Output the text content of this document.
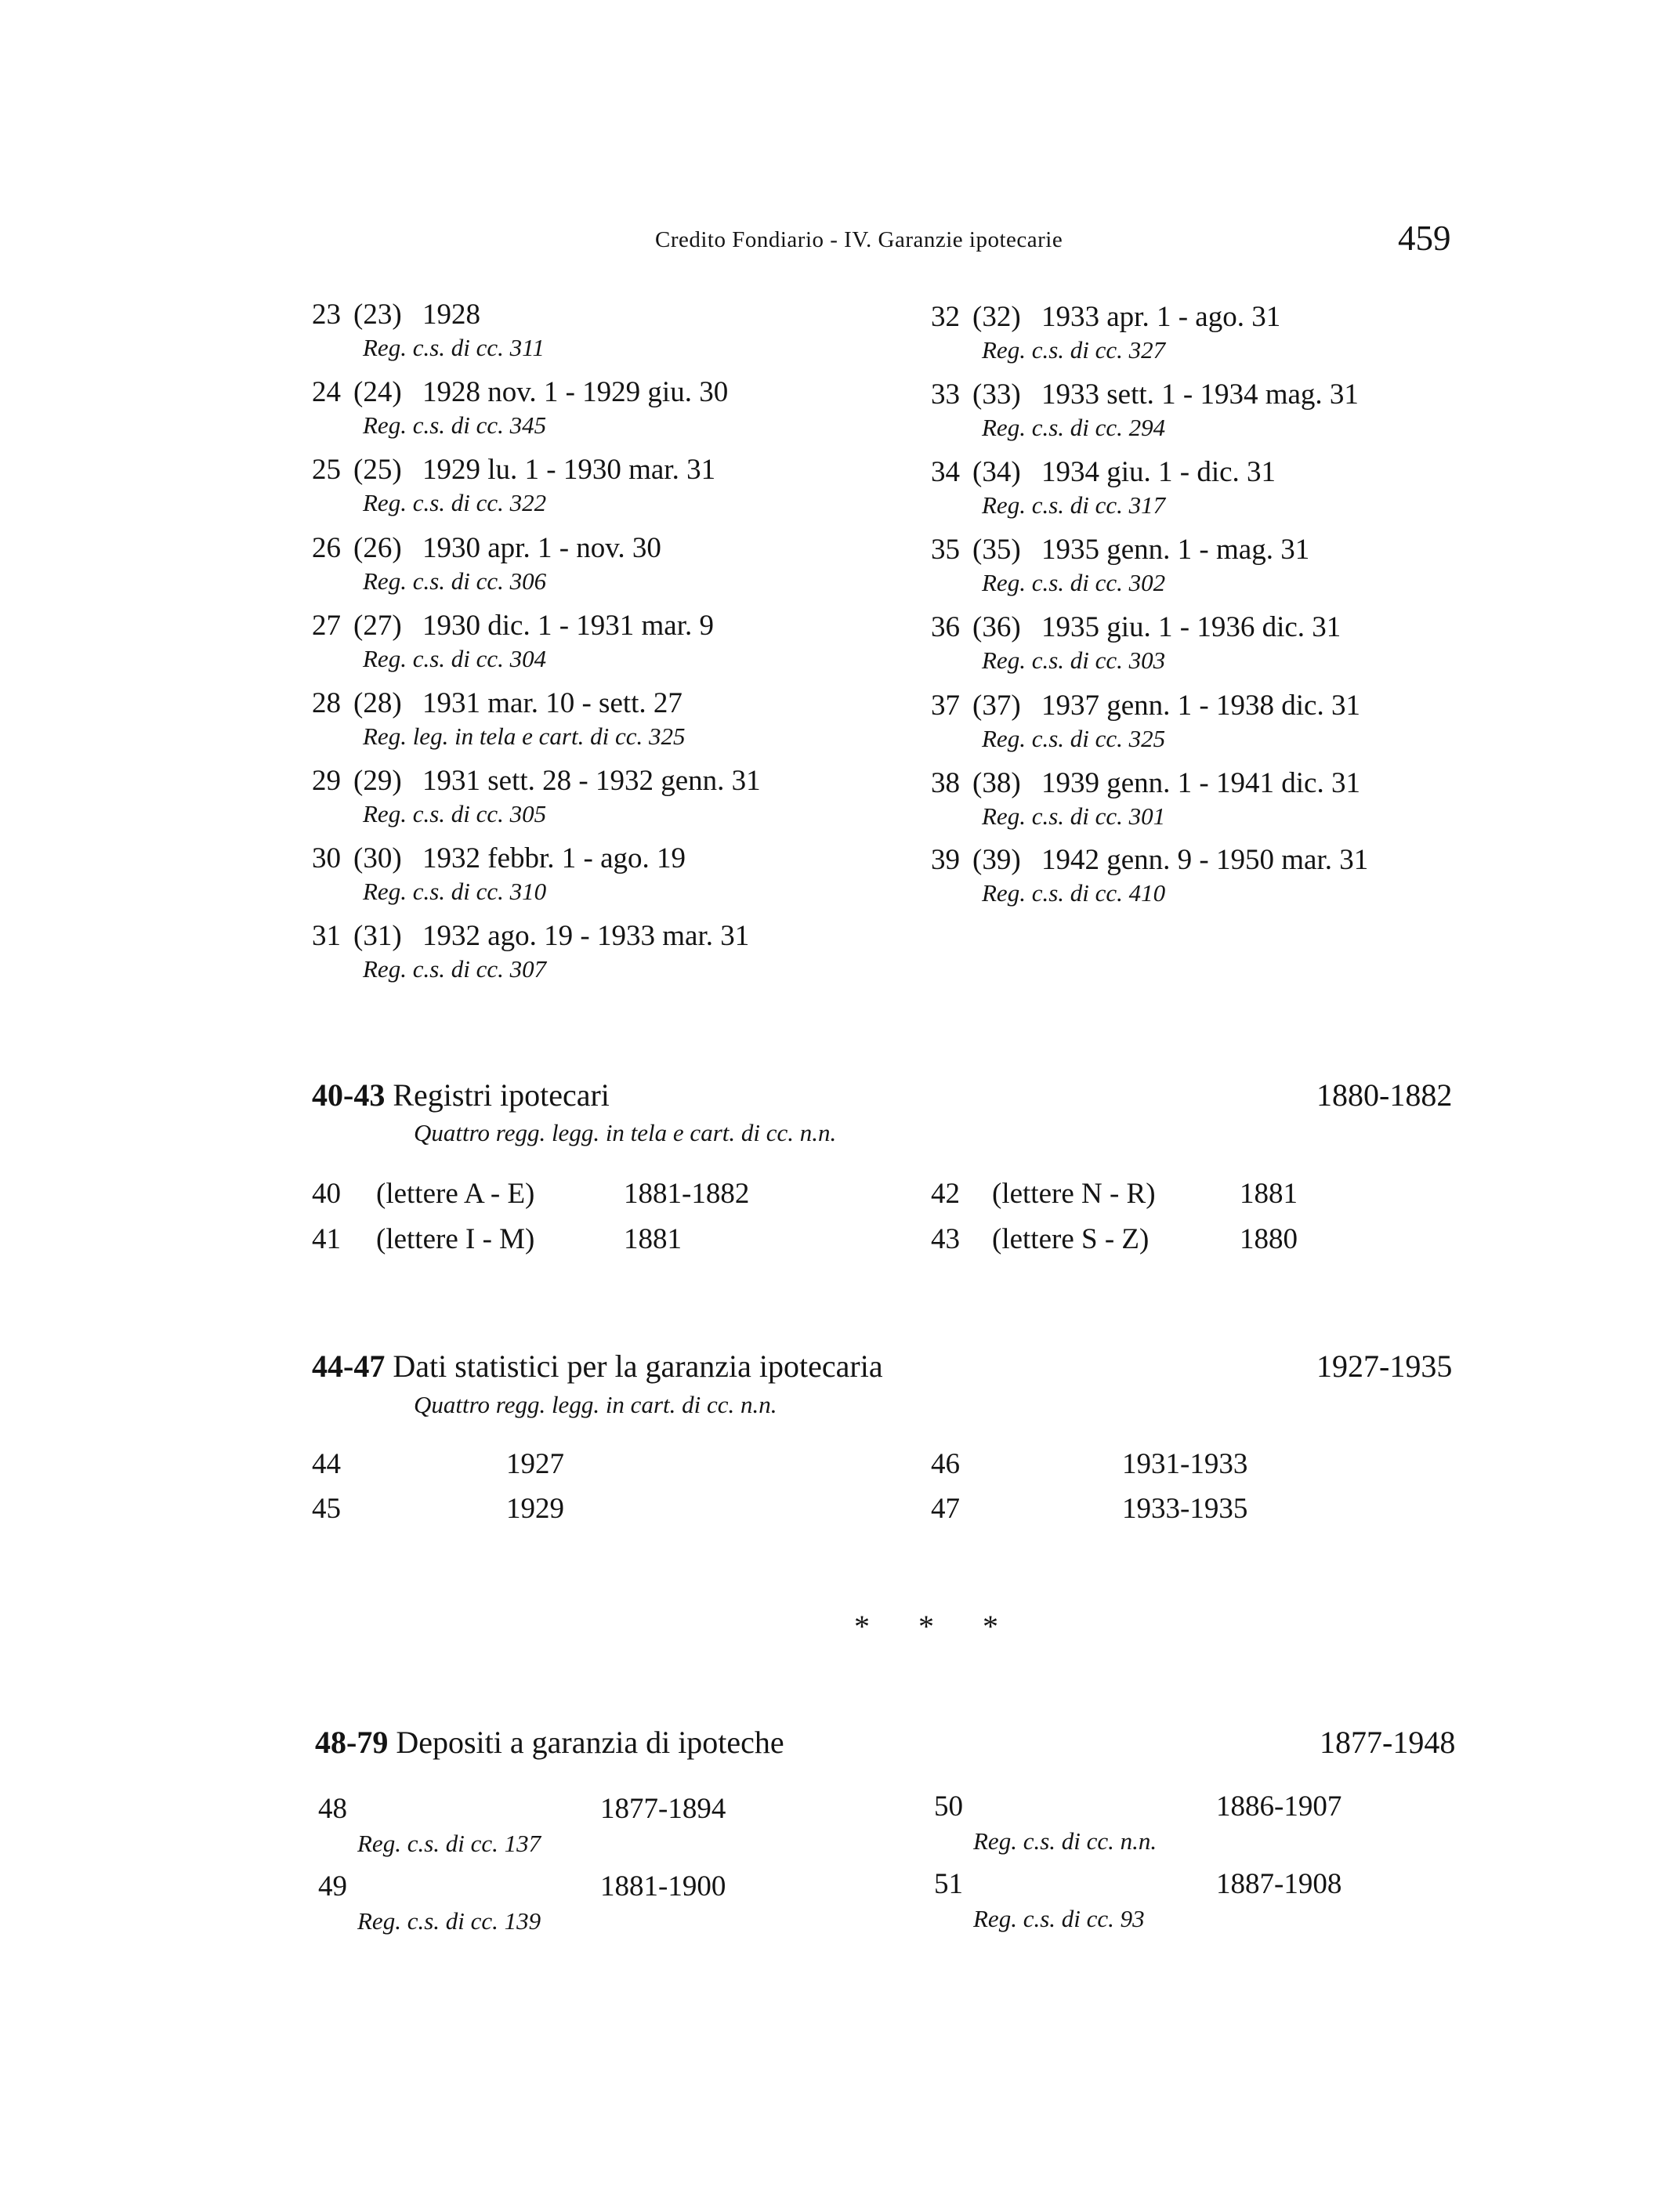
Credito Fondiario - IV. Garanzie ipotecarie	459
23 (23) 1928
Reg. c.s. di cc. 311
24 (24) 1928 nov. 1 - 1929 giu. 30
Reg. c.s. di cc. 345
25 (25) 1929 lu. 1 - 1930 mar. 31
Reg. c.s. di cc. 322
26 (26) 1930 apr. 1 - nov. 30
Reg. c.s. di cc. 306
27 (27) 1930 dic. 1 - 1931 mar. 9
Reg. c.s. di cc. 304
28 (28) 1931 mar. 10 - sett. 27
Reg. leg. in tela e cart. di cc. 325
29 (29) 1931 sett. 28 - 1932 genn. 31
Reg. c.s. di cc. 305
30 (30) 1932 febbr. 1 - ago. 19
Reg. c.s. di cc. 310
31 (31) 1932 ago. 19 - 1933 mar. 31
Reg. c.s. di cc. 307
32 (32) 1933 apr. 1 - ago. 31
Reg. c.s. di cc. 327
33 (33) 1933 sett. 1 - 1934 mag. 31
Reg. c.s. di cc. 294
34 (34) 1934 giu. 1 - dic. 31
Reg. c.s. di cc. 317
35 (35) 1935 genn. 1 - mag. 31
Reg. c.s. di cc. 302
36 (36) 1935 giu. 1 - 1936 dic. 31
Reg. c.s. di cc. 303
37 (37) 1937 genn. 1 - 1938 dic. 31
Reg. c.s. di cc. 325
38 (38) 1939 genn. 1 - 1941 dic. 31
Reg. c.s. di cc. 301
39 (39) 1942 genn. 9 - 1950 mar. 31
Reg. c.s. di cc. 410
40-43 Registri ipotecari	1880-1882
Quattro regg. legg. in tela e cart. di cc. n.n.
40 (lettere A - E)	1881-1882
41 (lettere I - M)	1881
42 (lettere N - R)	1881
43 (lettere S - Z)	1880
44-47 Dati statistici per la garanzia ipotecaria	1927-1935
Quattro regg. legg. in cart. di cc. n.n.
44	1927
45	1929
46	1931-1933
47	1933-1935
* * *
48-79 Depositi a garanzia di ipoteche	1877-1948
48	1877-1894
Reg. c.s. di cc. 137
49	1881-1900
Reg. c.s. di cc. 139
50	1886-1907
Reg. c.s. di cc. n.n.
51	1887-1908
Reg. c.s. di cc. 93
